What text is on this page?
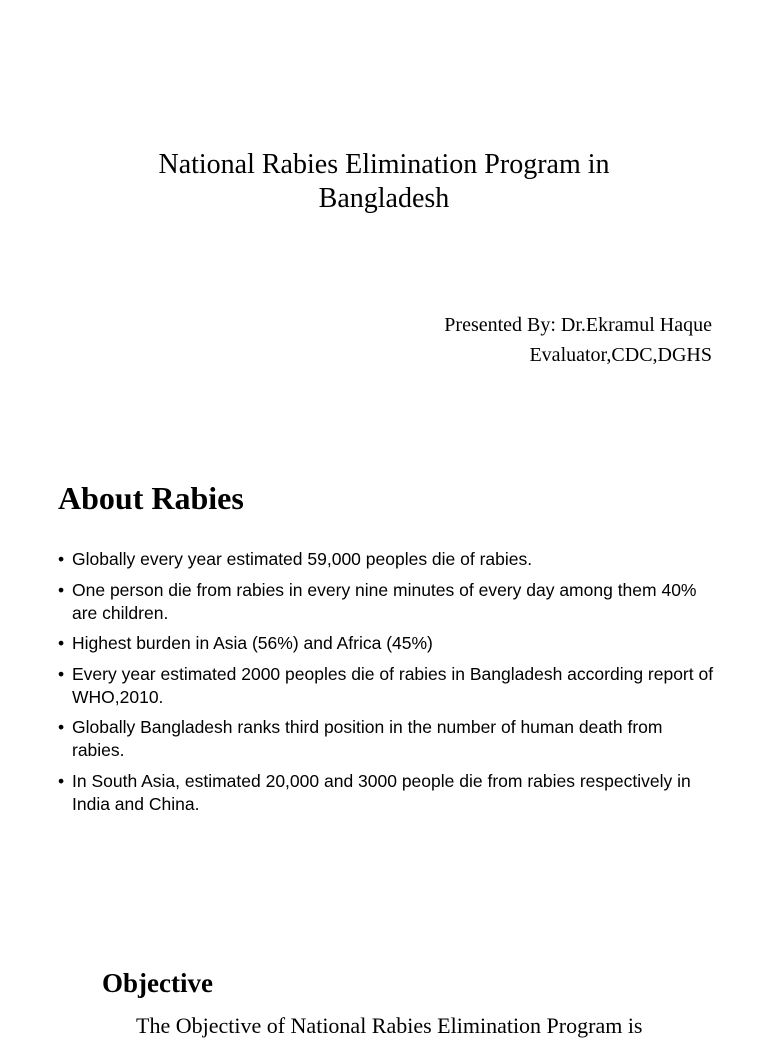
National Rabies Elimination Program in
Bangladesh
Presented By: Dr.Ekramul Haque
Evaluator,CDC,DGHS
About Rabies
• Globally every year estimated 59,000 peoples die of rabies.
• One person die from rabies in every nine minutes of every day among them 40% are children.
• Highest burden in Asia (56%) and Africa (45%)
• Every year estimated 2000 peoples die of rabies in Bangladesh according report of WHO,2010.
• Globally Bangladesh ranks third position in the number of human death from rabies.
• In South Asia, estimated 20,000 and 3000 people die from rabies respectively in India and China.
Objective
The Objective of National Rabies Elimination Program is
